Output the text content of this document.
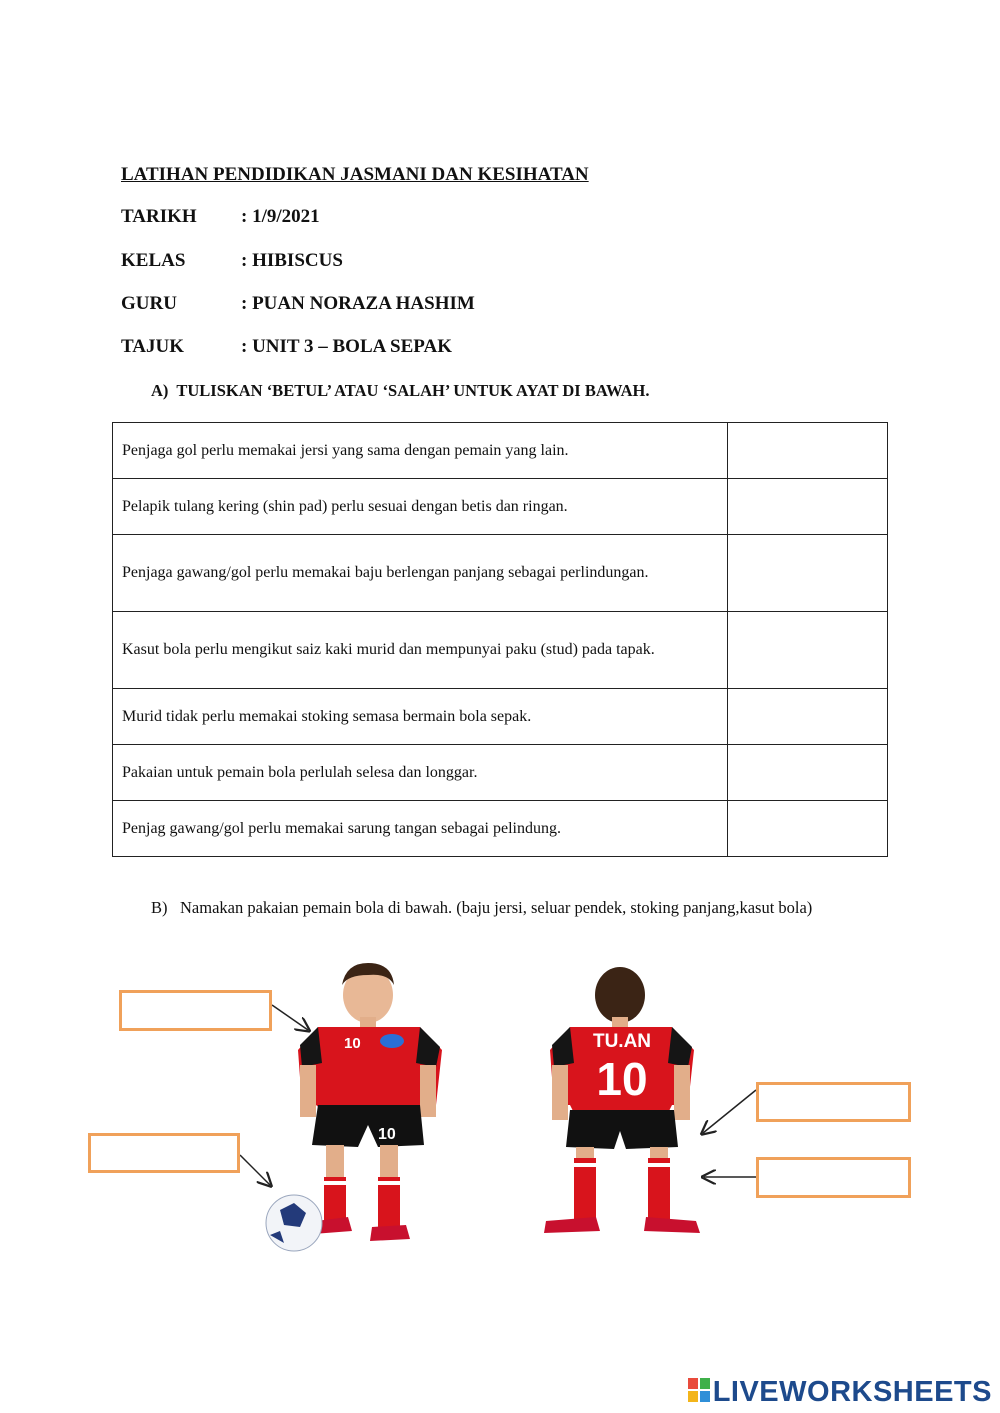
LATIHAN PENDIDIKAN JASMANI DAN KESIHATAN
TARIKH : 1/9/2021
KELAS	: HIBISCUS
GURU	: PUAN NORAZA HASHIM
TAJUK	: UNIT 3 – BOLA SEPAK
A) TULISKAN ‘BETUL’ ATAU ‘SALAH’ UNTUK AYAT DI BAWAH.
Penjaga gol perlu memakai jersi yang sama dengan pemain yang lain.	
Pelapik tulang kering (shin pad) perlu sesuai dengan betis dan ringan.	
Penjaga gawang/gol perlu memakai baju berlengan panjang sebagai perlindungan.	
Kasut bola perlu mengikut saiz kaki murid dan mempunyai paku (stud) pada tapak.	
Murid tidak perlu memakai stoking semasa bermain bola sepak.	
Pakaian untuk pemain bola perlulah selesa dan longgar.	
Penjag gawang/gol perlu memakai sarung tangan sebagai pelindung.	
B) Namakan pakaian pemain bola di bawah. (baju jersi, seluar pendek, stoking panjang,kasut bola)
10
10
TU.AN
10
LIVEWORKSHEETS
